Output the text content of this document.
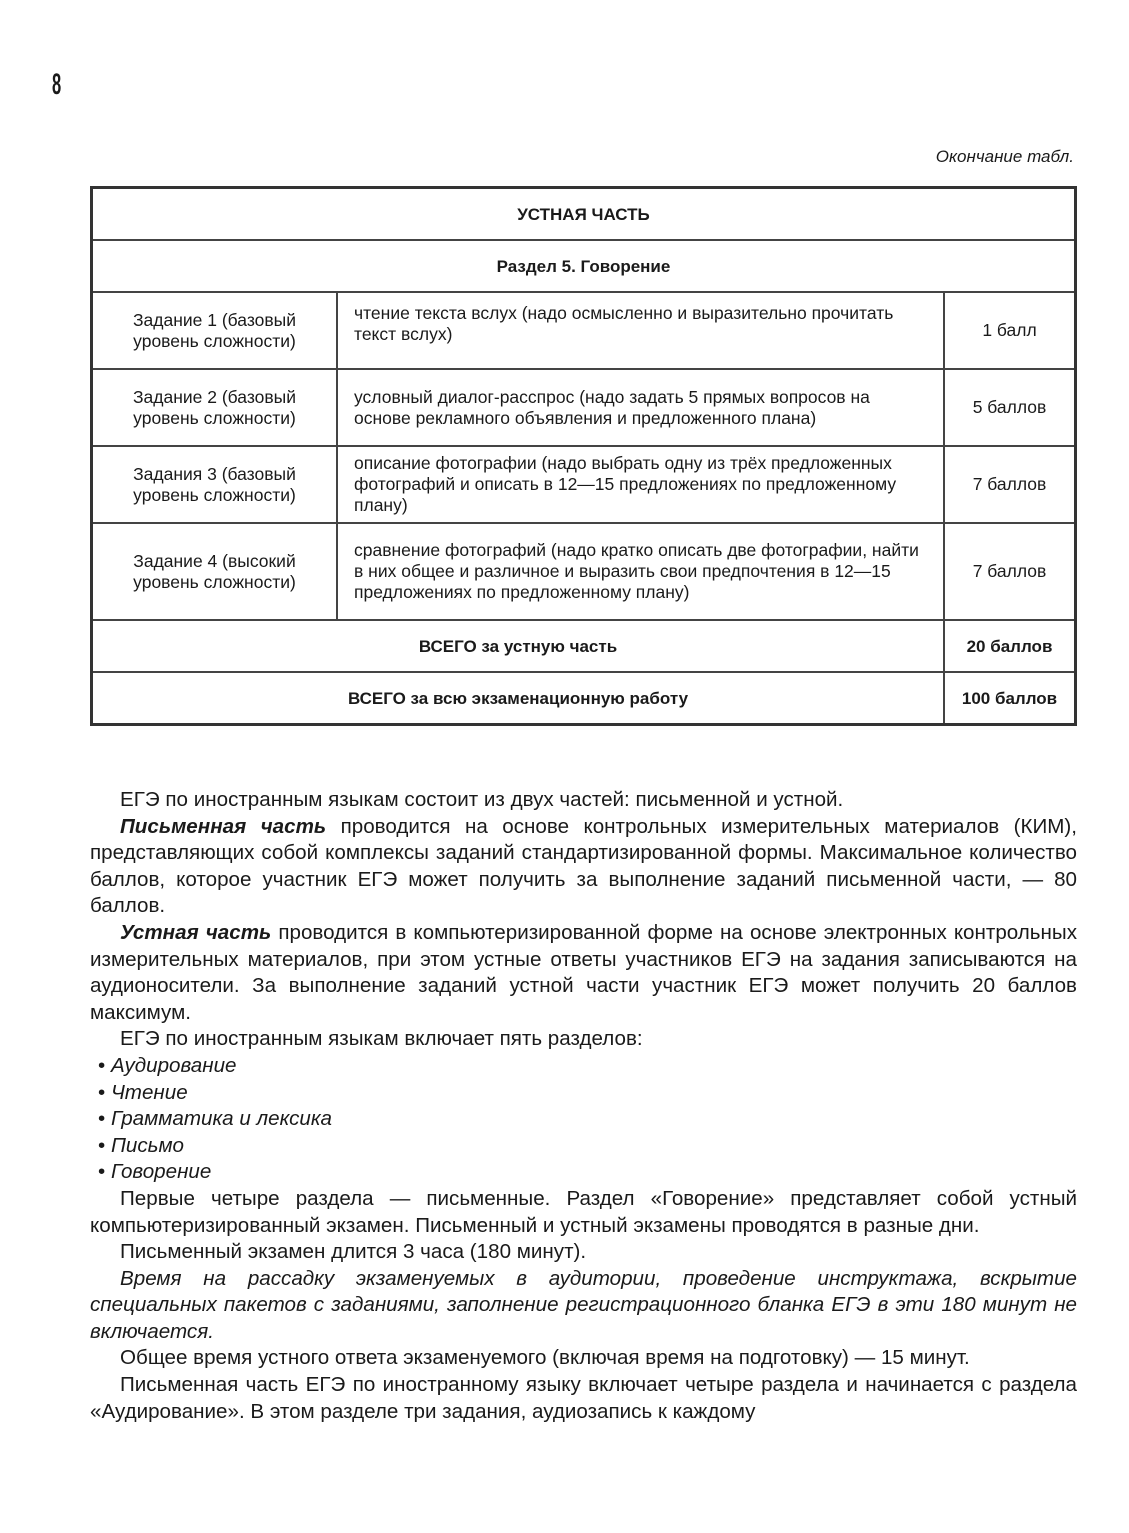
8
Окончание табл.
УСТНАЯ ЧАСТЬ		
Раздел 5. Говорение		
Задание 1 (базовый уровень сложности)	чтение текста вслух (надо осмысленно и выразительно прочитать текст вслух)	1 балл
Задание 2 (базовый уровень сложности)	условный диалог-расспрос (надо задать 5 прямых вопросов на основе рекламного объявления и предложенного плана)	5 баллов
Задания 3 (базовый уровень сложности)	описание фотографии (надо выбрать одну из трёх предложенных фотографий и описать в 12—15 предложениях по предложенному плану)	7 баллов
Задание 4 (высокий уровень сложности)	сравнение фотографий (надо кратко описать две фотографии, найти в них общее и различное и выразить свои предпочтения в 12—15 предложениях по предложенному плану)	7 баллов
ВСЕГО за устную часть		20 баллов
ВСЕГО за всю экзаменационную работу		100 баллов

ЕГЭ по иностранным языкам состоит из двух частей: письменной и устной.

Письменная часть проводится на основе контрольных измерительных материалов (КИМ), представляющих собой комплексы заданий стандартизированной формы. Максимальное количество баллов, которое участник ЕГЭ может получить за выполнение заданий письменной части, — 80 баллов.

Устная часть проводится в компьютеризированной форме на основе электронных контрольных измерительных материалов, при этом устные ответы участников ЕГЭ на задания записываются на аудионосители. За выполнение заданий устной части участник ЕГЭ может получить 20 баллов максимум.

ЕГЭ по иностранным языкам включает пять разделов:

• Аудирование
• Чтение
• Грамматика и лексика
• Письмо
• Говорение

Первые четыре раздела — письменные. Раздел «Говорение» представляет собой устный компьютеризированный экзамен. Письменный и устный экзамены проводятся в разные дни.

Письменный экзамен длится 3 часа (180 минут).

Время на рассадку экзаменуемых в аудитории, проведение инструктажа, вскрытие специальных пакетов с заданиями, заполнение регистрационного бланка ЕГЭ в эти 180 минут не включается.

Общее время устного ответа экзаменуемого (включая время на подготовку) — 15 минут.

Письменная часть ЕГЭ по иностранному языку включает четыре раздела и начинается с раздела «Аудирование». В этом разделе три задания, аудиозапись к каждому
